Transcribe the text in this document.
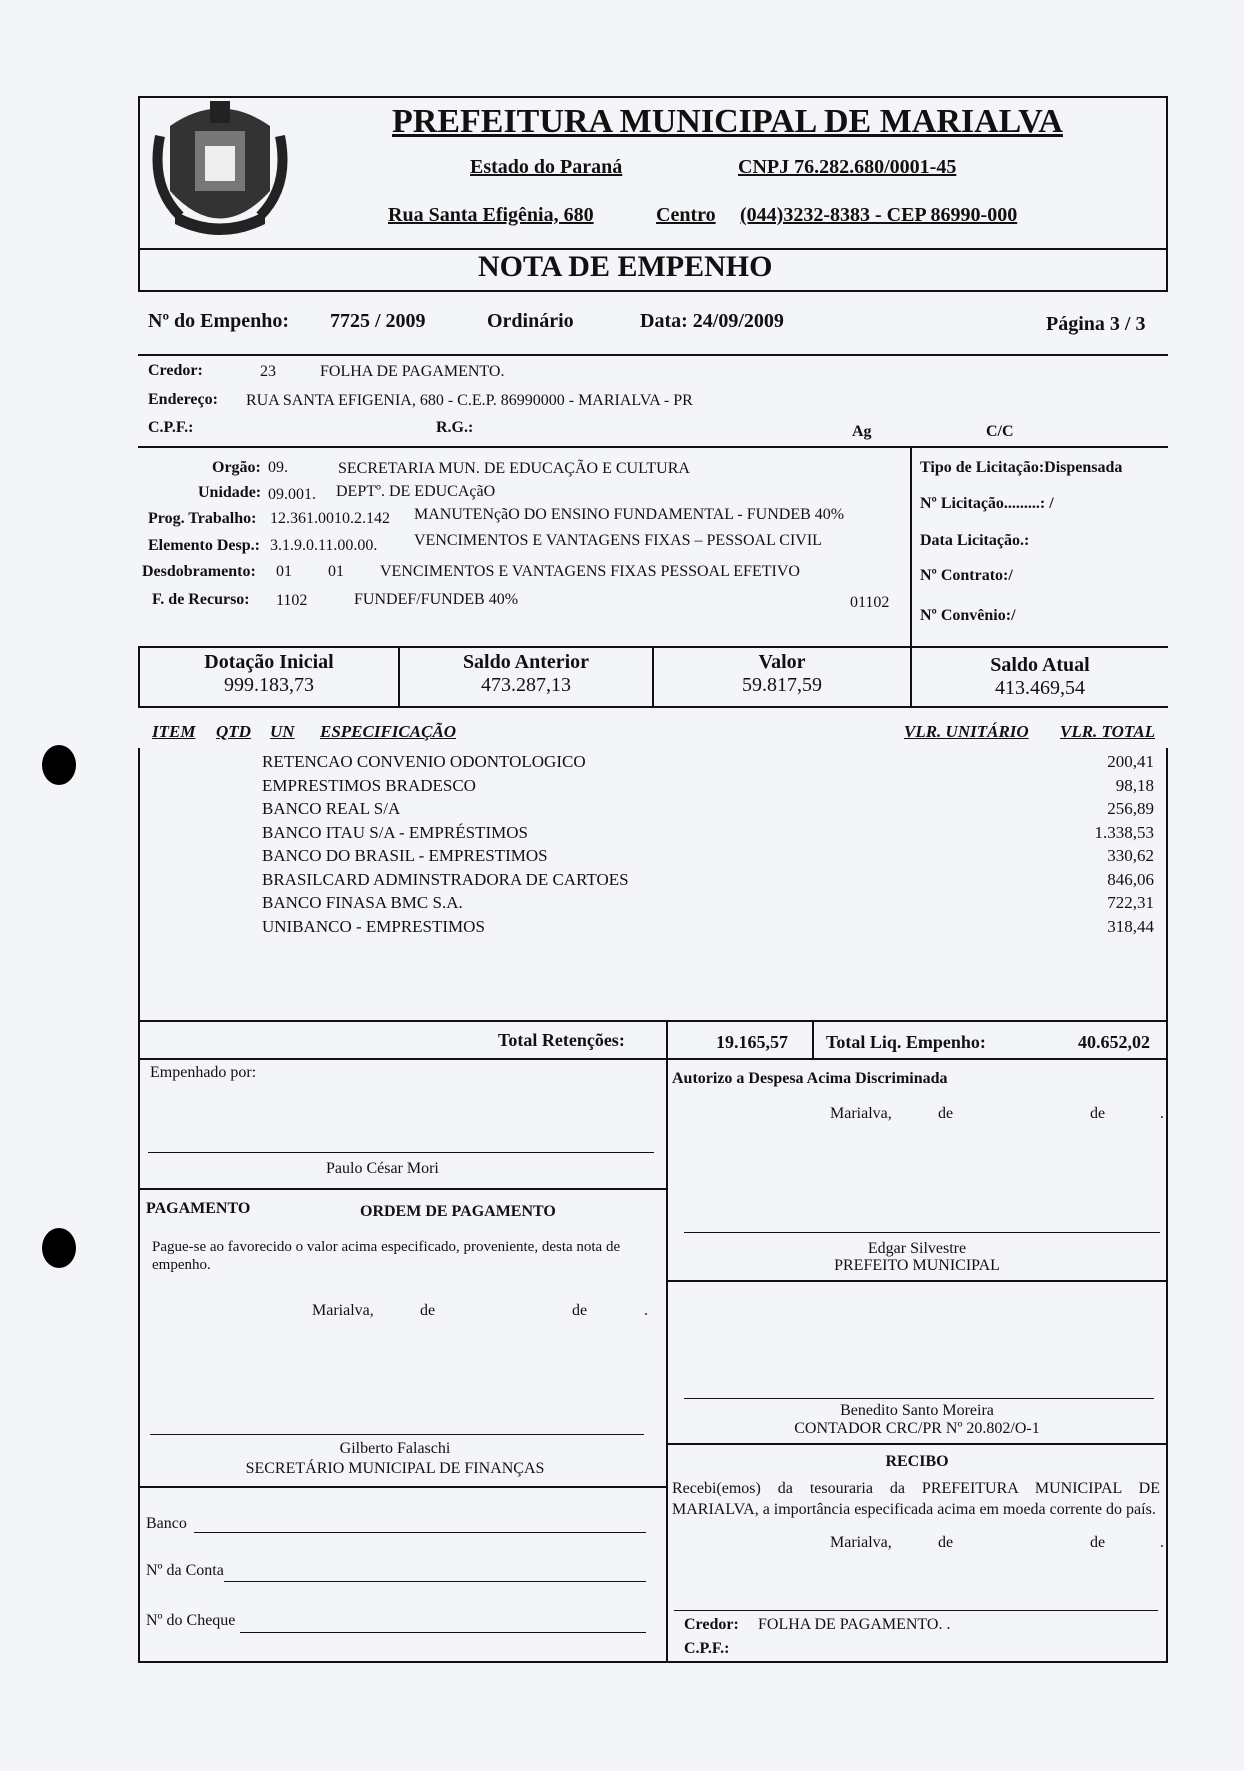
PREFEITURA MUNICIPAL DE MARIALVA
Estado do Paraná	CNPJ 76.282.680/0001-45
Rua Santa Efigênia, 680	Centro (044)3232-8383 - CEP 86990-000
NOTA DE EMPENHO
Nº do Empenho: 7725 / 2009	Ordinário	Data: 24/09/2009	Página 3 / 3
Credor:	23	FOLHA DE PAGAMENTO.
Endereço: RUA SANTA EFIGENIA, 680 - C.E.P. 86990000 - MARIALVA - PR
C.P.F.:	R.G.:	Ag	C/C
Orgão: 09.	SECRETARIA MUN. DE EDUCAÇÃO E CULTURA
Unidade: 09.001. DEPTº. DE EDUCAçãO
Prog. Trabalho: 12.361.0010.2.142 MANUTENçãO DO ENSINO FUNDAMENTAL - FUNDEB 40%
Elemento Desp.: 3.1.9.0.11.00.00. VENCIMENTOS E VANTAGENS FIXAS – PESSOAL CIVIL
Desdobramento: 01 01 VENCIMENTOS E VANTAGENS FIXAS PESSOAL EFETIVO
F. de Recurso: 1102	FUNDEF/FUNDEB 40%	01102
Tipo de Licitação:Dispensada
Nº Licitação.........: /
Data Licitação.:
Nº Contrato:/
Nº Convênio:/
Dotação Inicial
999.183,73
Saldo Anterior
473.287,13
Valor
59.817,59
Saldo Atual
413.469,54
ITEM QTD UN ESPECIFICAÇÃO	VLR. UNITÁRIO VLR. TOTAL
RETENCAO CONVENIO ODONTOLOGICO	200,41
EMPRESTIMOS BRADESCO	98,18
BANCO REAL S/A	256,89
BANCO ITAU S/A - EMPRÉSTIMOS	1.338,53
BANCO DO BRASIL - EMPRESTIMOS	330,62
BRASILCARD ADMINSTRADORA DE CARTOES	846,06
BANCO FINASA BMC S.A.	722,31
UNIBANCO - EMPRESTIMOS	318,44
Total Retenções:	19.165,57 Total Liq. Empenho:	40.652,02
Empenhado por:
Paulo César Mori
PAGAMENTO	ORDEM DE PAGAMENTO
Pague-se ao favorecido o valor acima especificado, proveniente, desta nota de empenho.
Marialva,	de	de	.
Gilberto Falaschi
SECRETÁRIO MUNICIPAL DE FINANÇAS
Banco
Nº da Conta
Nº do Cheque
Autorizo a Despesa Acima Discriminada
Marialva,	de	de	.
Edgar Silvestre
PREFEITO MUNICIPAL
Benedito Santo Moreira
CONTADOR CRC/PR Nº 20.802/O-1
RECIBO
Recebi(emos) da tesouraria da PREFEITURA MUNICIPAL DE MARIALVA, a importância especificada acima em moeda corrente do país.
Marialva,	de	de	.
Credor: FOLHA DE PAGAMENTO. .
C.P.F.:
